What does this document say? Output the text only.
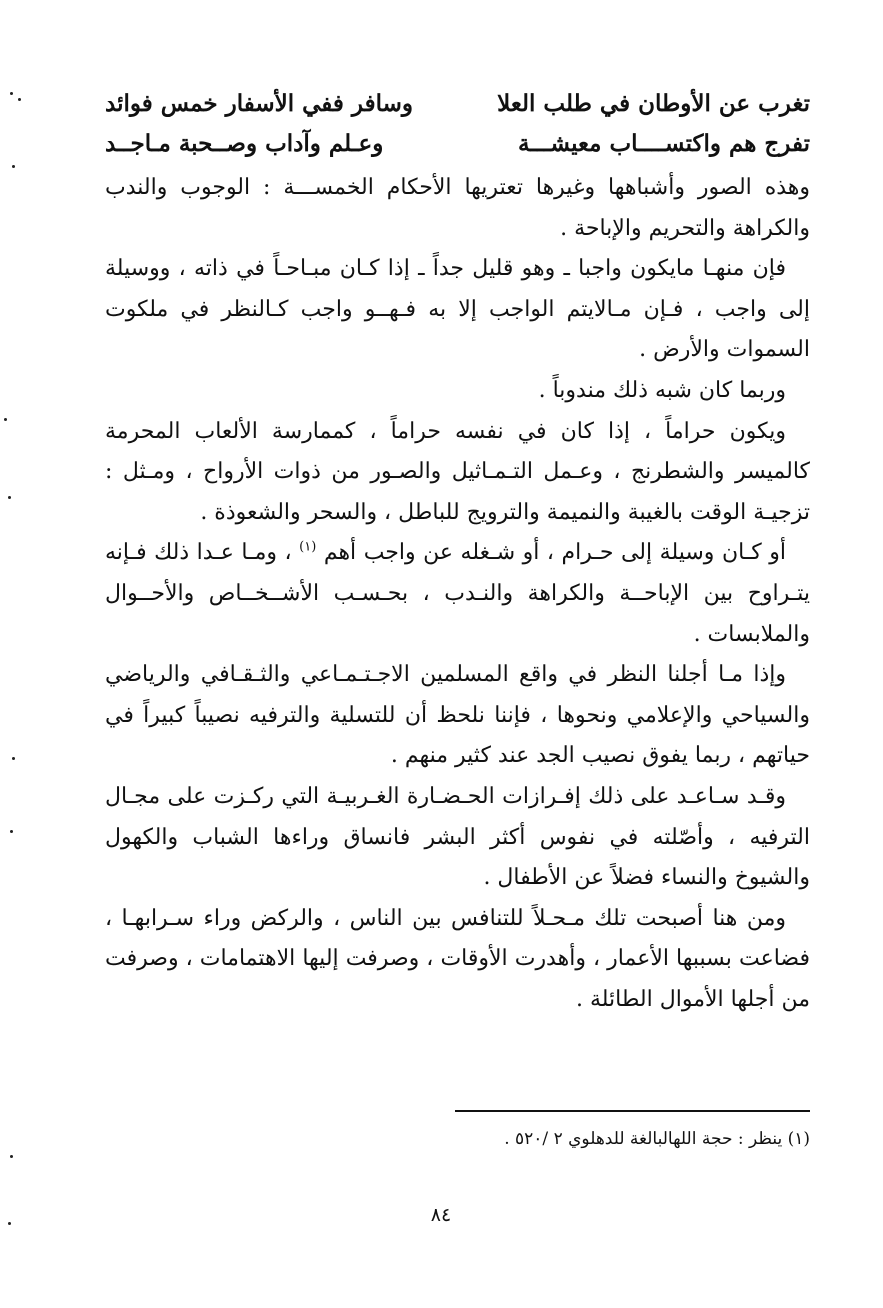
تغرب عن الأوطان في طلب العلا
وسافر ففي الأسفار خمس فوائد
تفرج هم واكتســــاب معيشـــة
وعـلم وآداب وصــحبة مـاجــد

وهذه الصور وأشباهها وغيرها تعتريها الأحكام الخمســـة : الوجوب والندب والكراهة والتحريم والإباحة .

فإن منهـا مايكون واجبا ـ وهو قليل جداً ـ إذا كـان مبـاحـاً في ذاته ، ووسيلة إلى واجب ، فـإن مـالايتم الواجب إلا به فـهــو واجب كـالنظر في ملكوت السموات والأرض .

وربما كان شبه ذلك مندوباً .

ويكون حراماً ، إذا كان في نفسه حراماً ، كممارسة الألعاب المحرمة كالميسر والشطرنج ، وعـمل التـمـاثيل والصـور من ذوات الأرواح ، ومـثل : تزجيـة الوقت بالغيبة والنميمة والترويج للباطل ، والسحر والشعوذة .

أو كـان وسيلة إلى حـرام ، أو شـغله عن واجب أهم $^{(١)}$ ، ومـا عـدا ذلك فـإنه يتـراوح بين الإباحــة والكراهة والنـدب ، بحـسـب الأشــخــاص والأحــوال والملابسات .

وإذا مـا أجلنا النظر في واقع المسلمين الاجـتـمـاعي والثـقـافي والرياضي والسياحي والإعلامي ونحوها ، فإننا نلحظ أن للتسلية والترفيه نصيباً كبيراً في حياتهم ، ربما يفوق نصيب الجد عند كثير منهم .

وقـد سـاعـد على ذلك إفـرازات الحـضـارة الغـربيـة التي ركـزت على مجـال الترفيه ، وأصّلته في نفوس أكثر البشر فانساق وراءها الشباب والكهول والشيوخ والنساء فضلاً عن الأطفال .

ومن هنا أصبحت تلك مـحـلاً للتنافس بين الناس ، والركض وراء سـرابهـا ، فضاعت بسببها الأعمار ، وأهدرت الأوقات ، وصرفت إليها الاهتمامات ، وصرفت من أجلها الأموال الطائلة .

(١) ينظر : حجة اللهالبالغة للدهلوي ٢ /٥٢٠ .
٨٤
